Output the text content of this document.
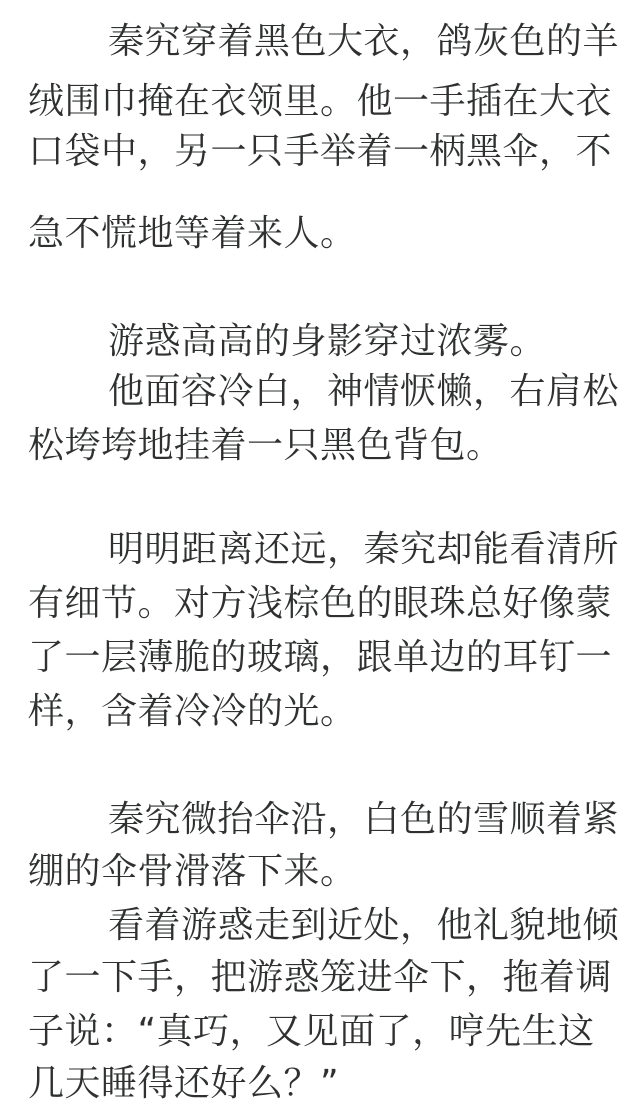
秦究穿着黑色大衣，鸽灰色的羊
绒围巾掩在衣领里。他一手插在大衣
口袋中，另一只手举着一柄黑伞，不
急不慌地等着来人。
游惑高高的身影穿过浓雾。
他面容冷白，神情恹懒，右肩松
松垮垮地挂着一只黑色背包。
明明距离还远，秦究却能看清所
有细节。对方浅棕色的眼珠总好像蒙
了一层薄脆的玻璃，跟单边的耳钉一
样，含着冷冷的光。
秦究微抬伞沿，白色的雪顺着紧
绷的伞骨滑落下来。
看着游惑走到近处，他礼貌地倾
了一下手，把游惑笼进伞下，拖着调
子说：“真巧，又见面了，哼先生这
几天睡得还好么？”
